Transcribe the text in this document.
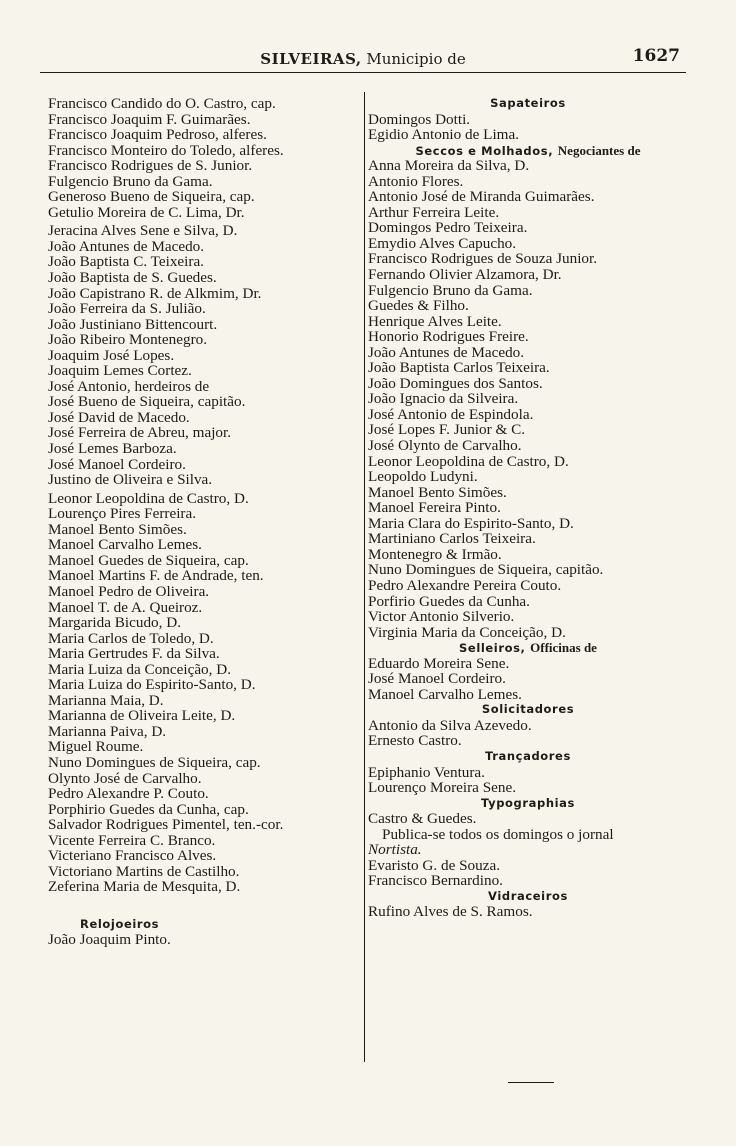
SILVEIRAS, Municipio de	1627
Francisco Candido do O. Castro, cap.
Francisco Joaquim F. Guimarães.
Francisco Joaquim Pedroso, alferes.
Francisco Monteiro do Toledo, alferes.
Francisco Rodrigues de S. Junior.
Fulgencio Bruno da Gama.
Generoso Bueno de Siqueira, cap.
Getulio Moreira de C. Lima, Dr.
Jeracina Alves Sene e Silva, D.
João Antunes de Macedo.
João Baptista C. Teixeira.
João Baptista de S. Guedes.
João Capistrano R. de Alkmim, Dr.
João Ferreira da S. Julião.
João Justiniano Bittencourt.
João Ribeiro Montenegro.
Joaquim José Lopes.
Joaquim Lemes Cortez.
José Antonio, herdeiros de
José Bueno de Siqueira, capitão.
José David de Macedo.
José Ferreira de Abreu, major.
José Lemes Barboza.
José Manoel Cordeiro.
Justino de Oliveira e Silva.
Leonor Leopoldina de Castro, D.
Lourenço Pires Ferreira.
Manoel Bento Simões.
Manoel Carvalho Lemes.
Manoel Guedes de Siqueira, cap.
Manoel Martins F. de Andrade, ten.
Manoel Pedro de Oliveira.
Manoel T. de A. Queiroz.
Margarida Bicudo, D.
Maria Carlos de Toledo, D.
Maria Gertrudes F. da Silva.
Maria Luiza da Conceição, D.
Maria Luiza do Espirito-Santo, D.
Marianna Maia, D.
Marianna de Oliveira Leite, D.
Marianna Paiva, D.
Miguel Roume.
Nuno Domingues de Siqueira, cap.
Olynto José de Carvalho.
Pedro Alexandre P. Couto.
Porphirio Guedes da Cunha, cap.
Salvador Rodrigues Pimentel, ten.-cor.
Vicente Ferreira C. Branco.
Victeriano Francisco Alves.
Victoriano Martins de Castilho.
Zeferina Maria de Mesquita, D.
Relojoeiros
João Joaquim Pinto.
Sapateiros
Domingos Dotti.
Egidio Antonio de Lima.
Seccos e Molhados, Negociantes de
Anna Moreira da Silva, D.
Antonio Flores.
Antonio José de Miranda Guimarães.
Arthur Ferreira Leite.
Domingos Pedro Teixeira.
Emydio Alves Capucho.
Francisco Rodrigues de Souza Junior.
Fernando Olivier Alzamora, Dr.
Fulgencio Bruno da Gama.
Guedes & Filho.
Henrique Alves Leite.
Honorio Rodrigues Freire.
João Antunes de Macedo.
João Baptista Carlos Teixeira.
João Domingues dos Santos.
João Ignacio da Silveira.
José Antonio de Espindola.
José Lopes F. Junior & C.
José Olynto de Carvalho.
Leonor Leopoldina de Castro, D.
Leopoldo Ludyni.
Manoel Bento Simões.
Manoel Fereira Pinto.
Maria Clara do Espirito-Santo, D.
Martiniano Carlos Teixeira.
Montenegro & Irmão.
Nuno Domingues de Siqueira, capitão.
Pedro Alexandre Pereira Couto.
Porfirio Guedes da Cunha.
Victor Antonio Silverio.
Virginia Maria da Conceição, D.
Selleiros, Officinas de
Eduardo Moreira Sene.
José Manoel Cordeiro.
Manoel Carvalho Lemes.
Solicitadores
Antonio da Silva Azevedo.
Ernesto Castro.
Trançadores
Epiphanio Ventura.
Lourenço Moreira Sene.
Typographias
Castro & Guedes.
Publica-se todos os domingos o jornal
Nortista.
Evaristo G. de Souza.
Francisco Bernardino.
Vidraceiros
Rufino Alves de S. Ramos.
